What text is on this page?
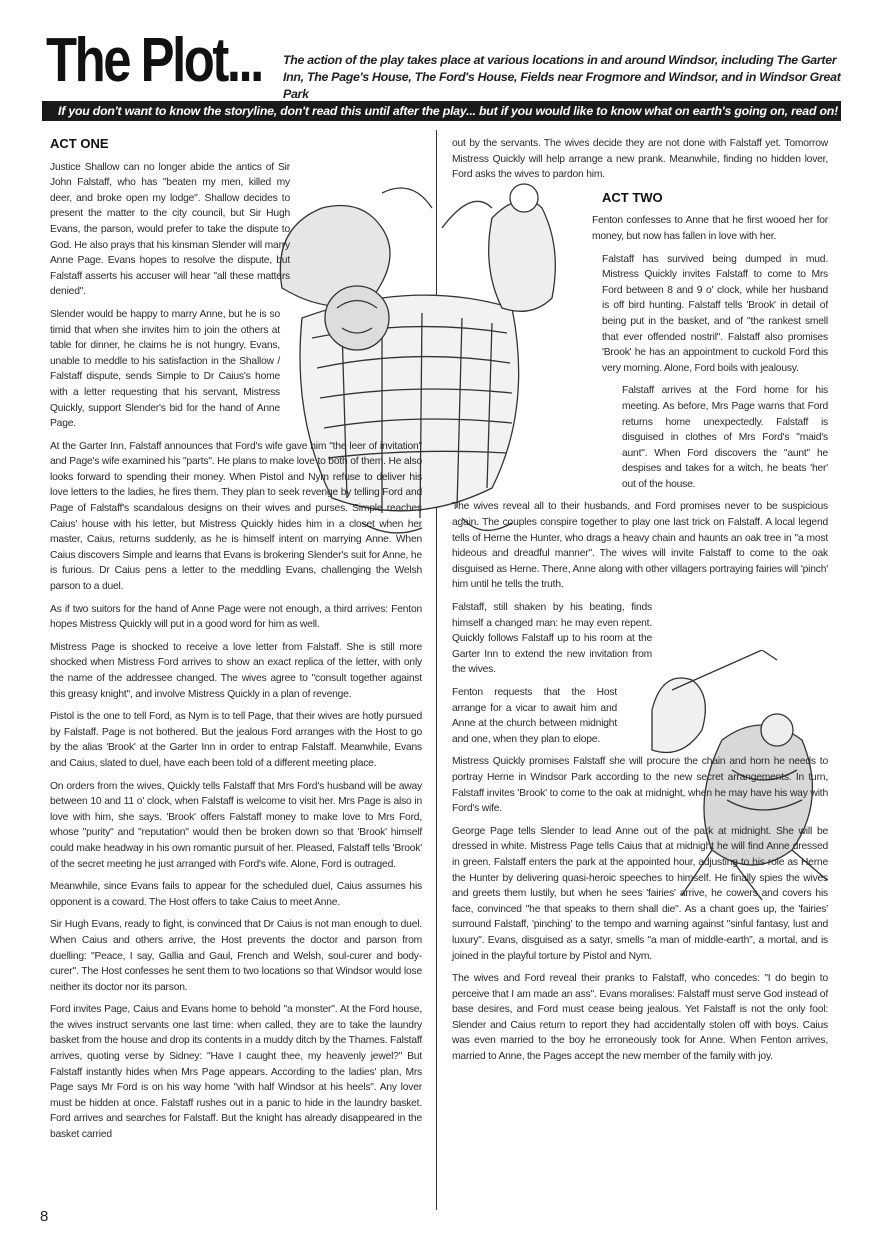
The Plot... The action of the play takes place at various locations in and around Windsor, including The Garter Inn, The Page's House, The Ford's House, Fields near Frogmore and Windsor, and in Windsor Great Park
If you don't want to know the storyline, don't read this until after the play... but if you would like to know what on earth's going on, read on!
ACT ONE

Justice Shallow can no longer abide the antics of Sir John Falstaff, who has "beaten my men, killed my deer, and broke open my lodge". Shallow decides to present the matter to the city council, but Sir Hugh Evans, the parson, would prefer to take the dispute to God. He also prays that his kinsman Slender will marry Anne Page. Evans hopes to resolve the dispute, but Falstaff asserts his accuser will hear "all these matters denied".

Slender would be happy to marry Anne, but he is so timid that when she invites him to join the others at table for dinner, he claims he is not hungry. Evans, unable to meddle to his satisfaction in the Shallow / Falstaff dispute, sends Simple to Dr Caius's home with a letter requesting that his servant, Mistress Quickly, support Slender's bid for the hand of Anne Page.

At the Garter Inn, Falstaff announces that Ford's wife gave him "the leer of invitation" and Page's wife examined his "parts". He plans to make love to both of them. He also looks forward to spending their money. When Pistol and Nym refuse to deliver his love letters to the ladies, he fires them. They plan to seek revenge by telling Ford and Page of Falstaff's scandalous designs on their wives and purses. Simple reaches Caius' house with his letter, but Mistress Quickly hides him in a closet when her master, Caius, returns suddenly, as he is himself intent on marrying Anne. When Caius discovers Simple and learns that Evans is brokering Slender's suit for Anne, he is furious. Dr Caius pens a letter to the meddling Evans, challenging the Welsh parson to a duel.

As if two suitors for the hand of Anne Page were not enough, a third arrives: Fenton hopes Mistress Quickly will put in a good word for him as well.

Mistress Page is shocked to receive a love letter from Falstaff. She is still more shocked when Mistress Ford arrives to show an exact replica of the letter, with only the name of the addressee changed. The wives agree to "consult together against this greasy knight", and involve Mistress Quickly in a plan of revenge.

Pistol is the one to tell Ford, as Nym is to tell Page, that their wives are hotly pursued by Falstaff. Page is not bothered. But the jealous Ford arranges with the Host to go by the alias 'Brook' at the Garter Inn in order to entrap Falstaff. Meanwhile, Evans and Caius, slated to duel, have each been told of a different meeting place.

On orders from the wives, Quickly tells Falstaff that Mrs Ford's husband will be away between 10 and 11 o' clock, when Falstaff is welcome to visit her. Mrs Page is also in love with him, she says. 'Brook' offers Falstaff money to make love to Mrs Ford, whose "purity" and "reputation" would then be broken down so that 'Brook' himself could make headway in his own romantic pursuit of her. Pleased, Falstaff tells 'Brook' of the secret meeting he just arranged with Ford's wife. Alone, Ford is outraged.

Meanwhile, since Evans fails to appear for the scheduled duel, Caius assumes his opponent is a coward. The Host offers to take Caius to meet Anne.

Sir Hugh Evans, ready to fight, is convinced that Dr Caius is not man enough to duel. When Caius and others arrive, the Host prevents the doctor and parson from duelling: "Peace, I say, Gallia and Gaul, French and Welsh, soul-curer and body-curer". The Host confesses he sent them to two locations so that Windsor would lose neither its doctor nor its parson.

Ford invites Page, Caius and Evans home to behold "a monster". At the Ford house, the wives instruct servants one last time: when called, they are to take the laundry basket from the house and drop its contents in a muddy ditch by the Thames. Falstaff arrives, quoting verse by Sidney: "Have I caught thee, my heavenly jewel?" But Falstaff instantly hides when Mrs Page appears. According to the ladies' plan, Mrs Page says Mr Ford is on his way home "with half Windsor at his heels". Any lover must be hidden at once. Falstaff rushes out in a panic to hide in the laundry basket. Ford arrives and searches for Falstaff. But the knight has already disappeared in the basket carried

out by the servants. The wives decide they are not done with Falstaff yet. Tomorrow Mistress Quickly will help arrange a new prank. Meanwhile, finding no hidden lover, Ford asks the wives to pardon him.

ACT TWO

Fenton confesses to Anne that he first wooed her for money, but now has fallen in love with her.

Falstaff has survived being dumped in mud. Mistress Quickly invites Falstaff to come to Mrs Ford between 8 and 9 o' clock, while her husband is off bird hunting. Falstaff tells 'Brook' in detail of being put in the basket, and of "the rankest smell that ever offended nostril". Falstaff also promises 'Brook' he has an appointment to cuckold Ford this very morning. Alone, Ford boils with jealousy.

Falstaff arrives at the Ford home for his meeting. As before, Mrs Page warns that Ford returns home unexpectedly. Falstaff is disguised in clothes of Mrs Ford's "maid's aunt". When Ford discovers the "aunt" he despises and takes for a witch, he beats 'her' out of the house.

The wives reveal all to their husbands, and Ford promises never to be suspicious again. The couples conspire together to play one last trick on Falstaff. A local legend tells of Herne the Hunter, who drags a heavy chain and haunts an oak tree in "a most hideous and dreadful manner". The wives will invite Falstaff to come to the oak disguised as Herne. There, Anne along with other villagers portraying fairies will 'pinch' him until he tells the truth.

Falstaff, still shaken by his beating, finds himself a changed man: he may even repent. Quickly follows Falstaff up to his room at the Garter Inn to extend the new invitation from the wives.

Fenton requests that the Host arrange for a vicar to await him and Anne at the church between midnight and one, when they plan to elope.

Mistress Quickly promises Falstaff she will procure the chain and horn he needs to portray Herne in Windsor Park according to the new secret arrangements. In turn, Falstaff invites 'Brook' to come to the oak at midnight, when he may have his way with Ford's wife.

George Page tells Slender to lead Anne out of the park at midnight. She will be dressed in white. Mistress Page tells Caius that at midnight he will find Anne dressed in green. Falstaff enters the park at the appointed hour, adjusting to his role as Herne the Hunter by delivering quasi-heroic speeches to himself. He finally spies the wives and greets them lustily, but when he sees 'fairies' arrive, he cowers and covers his face, convinced "he that speaks to them shall die". As a chant goes up, the 'fairies' surround Falstaff, 'pinching' to the tempo and warning against "sinful fantasy, lust and luxury". Evans, disguised as a satyr, smells "a man of middle-earth", a mortal, and is joined in the playful torture by Pistol and Nym.

The wives and Ford reveal their pranks to Falstaff, who concedes: "I do begin to perceive that I am made an ass". Evans moralises: Falstaff must serve God instead of base desires, and Ford must cease being jealous. Yet Falstaff is not the only fool: Slender and Caius return to report they had accidentally stolen off with boys. Caius was even married to the boy he erroneously took for Anne. When Fenton arrives, married to Anne, the Pages accept the new member of the family with joy.

8
